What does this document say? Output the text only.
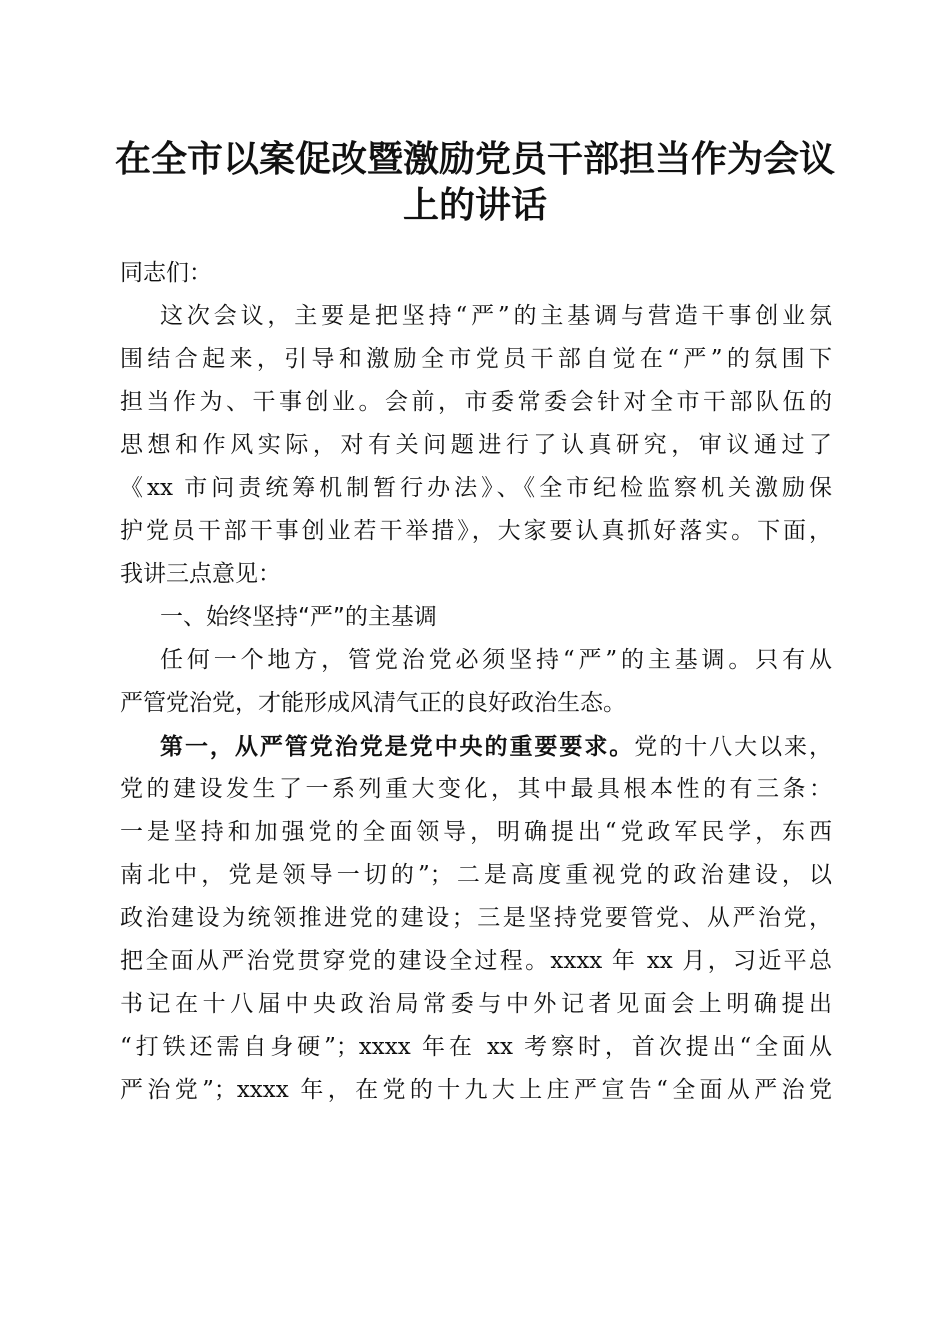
在全市以案促改暨激励党员干部担当作为会议
上的讲话
同志们：
这次会议，主要是把坚持“严”的主基调与营造干事创业氛
围结合起来，引导和激励全市党员干部自觉在“严”的氛围下
担当作为、干事创业。会前，市委常委会针对全市干部队伍的
思想和作风实际，对有关问题进行了认真研究，审议通过了
《xx 市问责统筹机制暂行办法》、《全市纪检监察机关激励保
护党员干部干事创业若干举措》，大家要认真抓好落实。下面，
我讲三点意见：
一、始终坚持“严”的主基调
任何一个地方，管党治党必须坚持“严”的主基调。只有从
严管党治党，才能形成风清气正的良好政治生态。
第一，从严管党治党是党中央的重要要求。党的十八大以来，
党的建设发生了一系列重大变化，其中最具根本性的有三条：
一是坚持和加强党的全面领导，明确提出“党政军民学，东西
南北中，党是领导一切的”；二是高度重视党的政治建设，以
政治建设为统领推进党的建设；三是坚持党要管党、从严治党，
把全面从严治党贯穿党的建设全过程。xxxx 年 xx 月，习近平总
书记在十八届中央政治局常委与中外记者见面会上明确提出
“打铁还需自身硬”；xxxx 年在 xx 考察时，首次提出“全面从
严治党”；xxxx 年，在党的十九大上庄严宣告“全面从严治党
